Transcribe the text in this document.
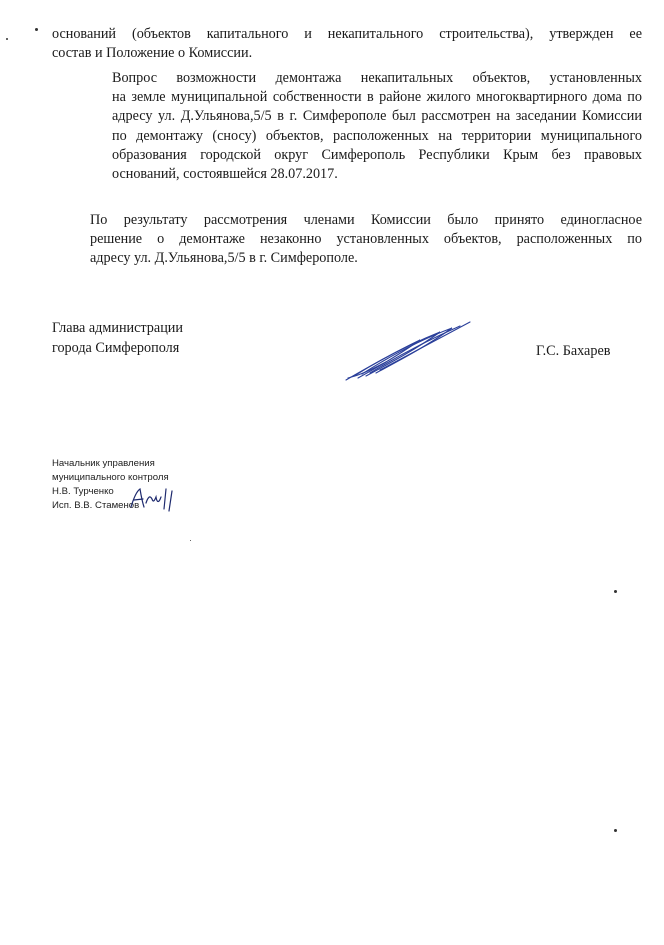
оснований (объектов капитального и некапитального строительства), утвержден ее
состав и Положение о Комиссии.

Вопрос возможности демонтажа некапитальных объектов, установленных
на земле муниципальной собственности в районе жилого многоквартирного дома по
адресу ул. Д.Ульянова,5/5 в г. Симферополе был рассмотрен на заседании Комиссии
по демонтажу (сносу) объектов, расположенных на территории муниципального
образования городской округ Симферополь Республики Крым без правовых
оснований, состоявшейся 28.07.2017.

По результату рассмотрения членами Комиссии было принято единогласное
решение о демонтаже незаконно установленных объектов, расположенных по
адресу ул. Д.Ульянова,5/5 в г. Симферополе.

Глава администрации
города Симферополя	Г.С. Бахарев
Начальник управления
муниципального контроля
Н.В. Турченко
Исп. В.В. Стаменов
